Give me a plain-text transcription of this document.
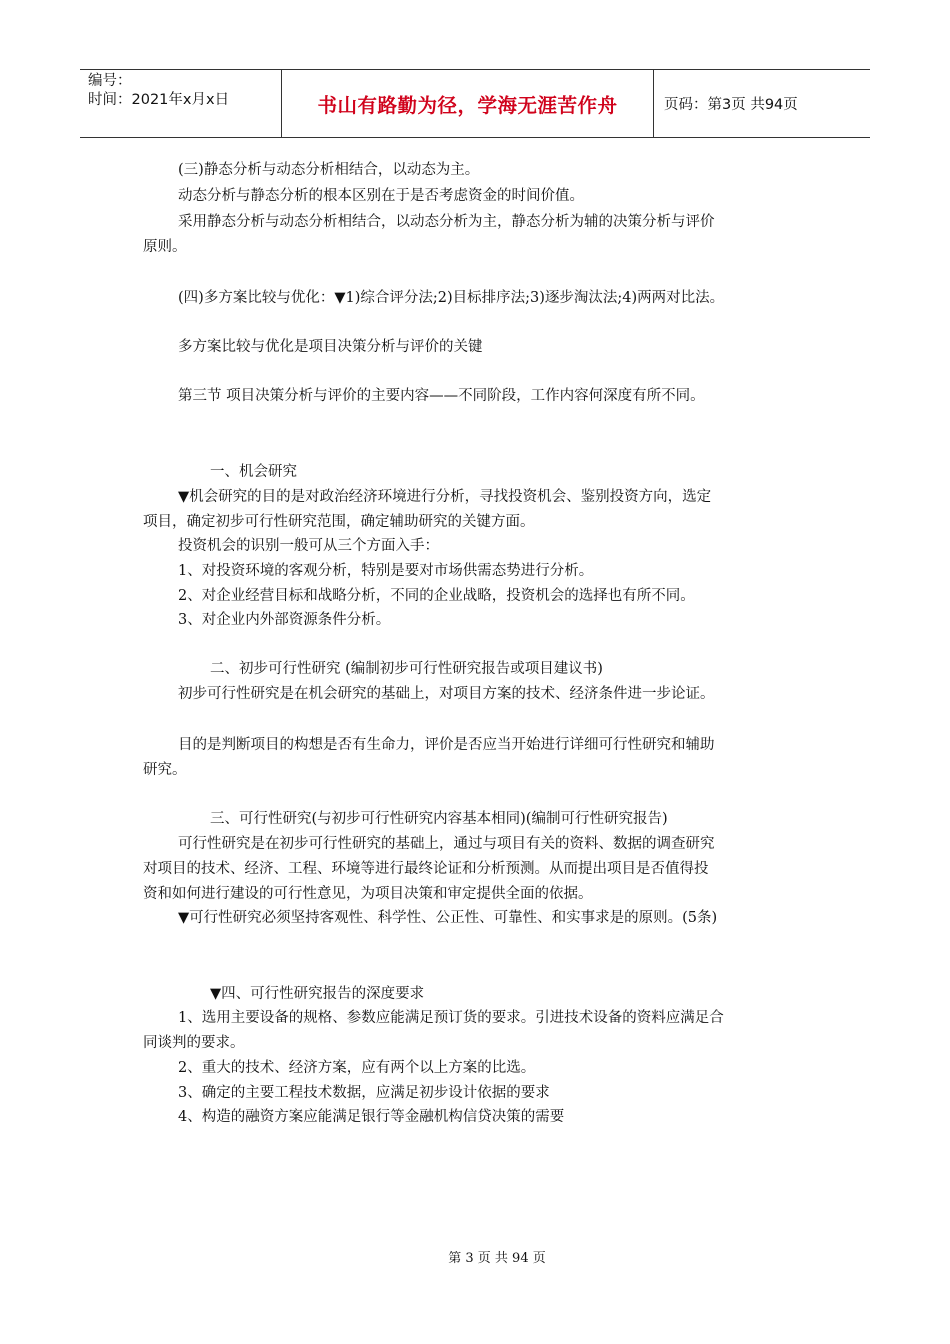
编号：
时间：2021年x月x日	书山有路勤为径，学海无涯苦作舟	页码：第3页 共94页
(三)静态分析与动态分析相结合，以动态为主。
动态分析与静态分析的根本区别在于是否考虑资金的时间价值。
采用静态分析与动态分析相结合，以动态分析为主，静态分析为辅的决策分析与评价
原则。
(四)多方案比较与优化：▼1)综合评分法;2)目标排序法;3)逐步淘汰法;4)两两对比法。
多方案比较与优化是项目决策分析与评价的关键
第三节 项目决策分析与评价的主要内容——不同阶段，工作内容何深度有所不同。
一、机会研究
▼机会研究的目的是对政治经济环境进行分析，寻找投资机会、鉴别投资方向，选定
项目，确定初步可行性研究范围，确定辅助研究的关键方面。
投资机会的识别一般可从三个方面入手：
1、对投资环境的客观分析，特别是要对市场供需态势进行分析。
2、对企业经营目标和战略分析，不同的企业战略，投资机会的选择也有所不同。
3、对企业内外部资源条件分析。
二、初步可行性研究 (编制初步可行性研究报告或项目建议书)
初步可行性研究是在机会研究的基础上，对项目方案的技术、经济条件进一步论证。
目的是判断项目的构想是否有生命力，评价是否应当开始进行详细可行性研究和辅助
研究。
三、可行性研究(与初步可行性研究内容基本相同)(编制可行性研究报告)
可行性研究是在初步可行性研究的基础上，通过与项目有关的资料、数据的调查研究
对项目的技术、经济、工程、环境等进行最终论证和分析预测。从而提出项目是否值得投
资和如何进行建设的可行性意见，为项目决策和审定提供全面的依据。
▼可行性研究必须坚持客观性、科学性、公正性、可靠性、和实事求是的原则。(5条)
▼四、可行性研究报告的深度要求
1、选用主要设备的规格、参数应能满足预订货的要求。引进技术设备的资料应满足合
同谈判的要求。
2、重大的技术、经济方案，应有两个以上方案的比选。
3、确定的主要工程技术数据，应满足初步设计依据的要求
4、构造的融资方案应能满足银行等金融机构信贷决策的需要
第 3 页 共 94 页
